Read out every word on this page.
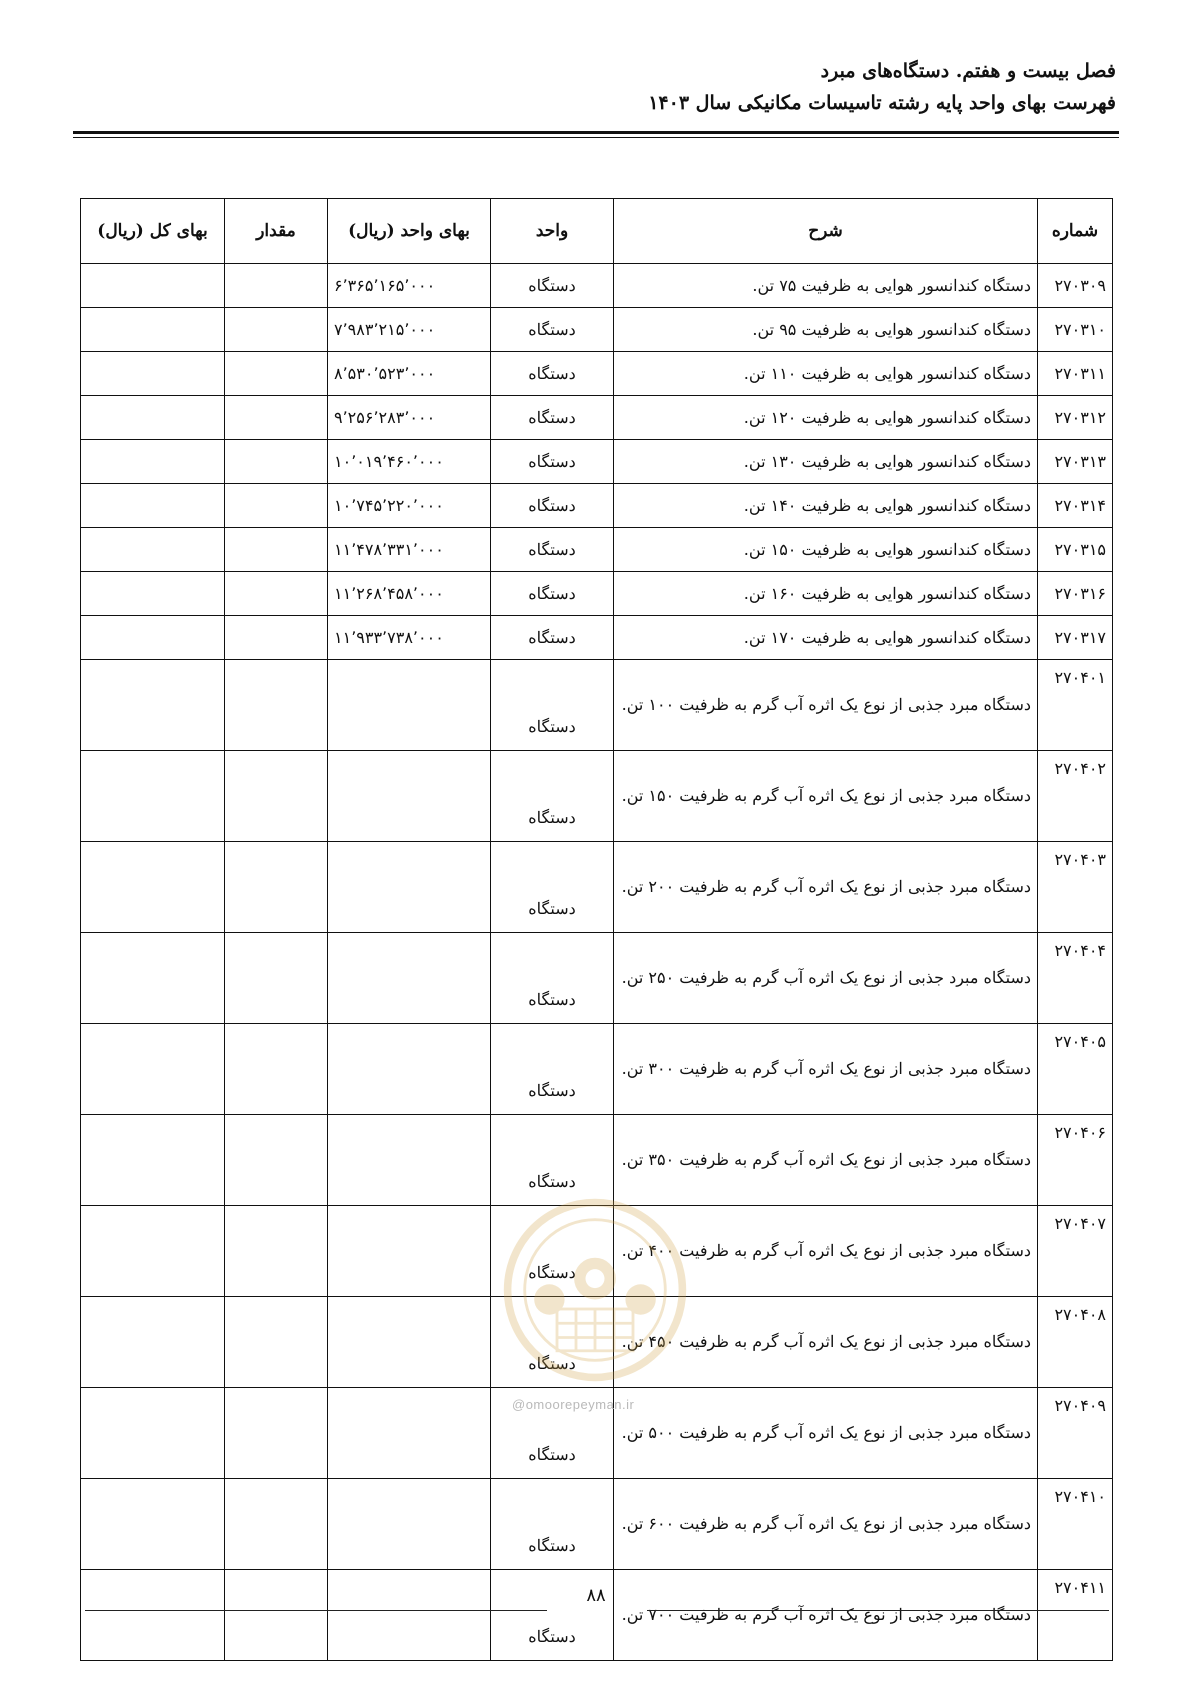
فصل بیست و هفتم. دستگاه‌های مبرد
فهرست بهای واحد پایه رشته تاسیسات مکانیکی سال ۱۴۰۳
شماره	شرح	واحد	بهای واحد (ریال)	مقدار	بهای کل (ریال)
۲۷۰۳۰۹	دستگاه کندانسور هوایی به ظرفیت ۷۵ تن.	دستگاه	۶٬۳۶۵٬۱۶۵٬۰۰۰		
۲۷۰۳۱۰	دستگاه کندانسور هوایی به ظرفیت ۹۵ تن.	دستگاه	۷٬۹۸۳٬۲۱۵٬۰۰۰		
۲۷۰۳۱۱	دستگاه کندانسور هوایی به ظرفیت ۱۱۰ تن.	دستگاه	۸٬۵۳۰٬۵۲۳٬۰۰۰		
۲۷۰۳۱۲	دستگاه کندانسور هوایی به ظرفیت ۱۲۰ تن.	دستگاه	۹٬۲۵۶٬۲۸۳٬۰۰۰		
۲۷۰۳۱۳	دستگاه کندانسور هوایی به ظرفیت ۱۳۰ تن.	دستگاه	۱۰٬۰۱۹٬۴۶۰٬۰۰۰		
۲۷۰۳۱۴	دستگاه کندانسور هوایی به ظرفیت ۱۴۰ تن.	دستگاه	۱۰٬۷۴۵٬۲۲۰٬۰۰۰		
۲۷۰۳۱۵	دستگاه کندانسور هوایی به ظرفیت ۱۵۰ تن.	دستگاه	۱۱٬۴۷۸٬۳۳۱٬۰۰۰		
۲۷۰۳۱۶	دستگاه کندانسور هوایی به ظرفیت ۱۶۰ تن.	دستگاه	۱۱٬۲۶۸٬۴۵۸٬۰۰۰		
۲۷۰۳۱۷	دستگاه کندانسور هوایی به ظرفیت ۱۷۰ تن.	دستگاه	۱۱٬۹۳۳٬۷۳۸٬۰۰۰		
۲۷۰۴۰۱	دستگاه مبرد جذبی از نوع یک اثره آب گرم به ظرفیت ۱۰۰ تن.	دستگاه			
۲۷۰۴۰۲	دستگاه مبرد جذبی از نوع یک اثره آب گرم به ظرفیت ۱۵۰ تن.	دستگاه			
۲۷۰۴۰۳	دستگاه مبرد جذبی از نوع یک اثره آب گرم به ظرفیت ۲۰۰ تن.	دستگاه			
۲۷۰۴۰۴	دستگاه مبرد جذبی از نوع یک اثره آب گرم به ظرفیت ۲۵۰ تن.	دستگاه			
۲۷۰۴۰۵	دستگاه مبرد جذبی از نوع یک اثره آب گرم به ظرفیت ۳۰۰ تن.	دستگاه			
۲۷۰۴۰۶	دستگاه مبرد جذبی از نوع یک اثره آب گرم به ظرفیت ۳۵۰ تن.	دستگاه			
۲۷۰۴۰۷	دستگاه مبرد جذبی از نوع یک اثره آب گرم به ظرفیت ۴۰۰ تن.	دستگاه			
۲۷۰۴۰۸	دستگاه مبرد جذبی از نوع یک اثره آب گرم به ظرفیت ۴۵۰ تن.	دستگاه			
۲۷۰۴۰۹	دستگاه مبرد جذبی از نوع یک اثره آب گرم به ظرفیت ۵۰۰ تن.	دستگاه			
۲۷۰۴۱۰	دستگاه مبرد جذبی از نوع یک اثره آب گرم به ظرفیت ۶۰۰ تن.	دستگاه			
۲۷۰۴۱۱	دستگاه مبرد جذبی از نوع یک اثره آب گرم به ظرفیت ۷۰۰ تن.	دستگاه			
@omoorepeyman.ir
۸۸
